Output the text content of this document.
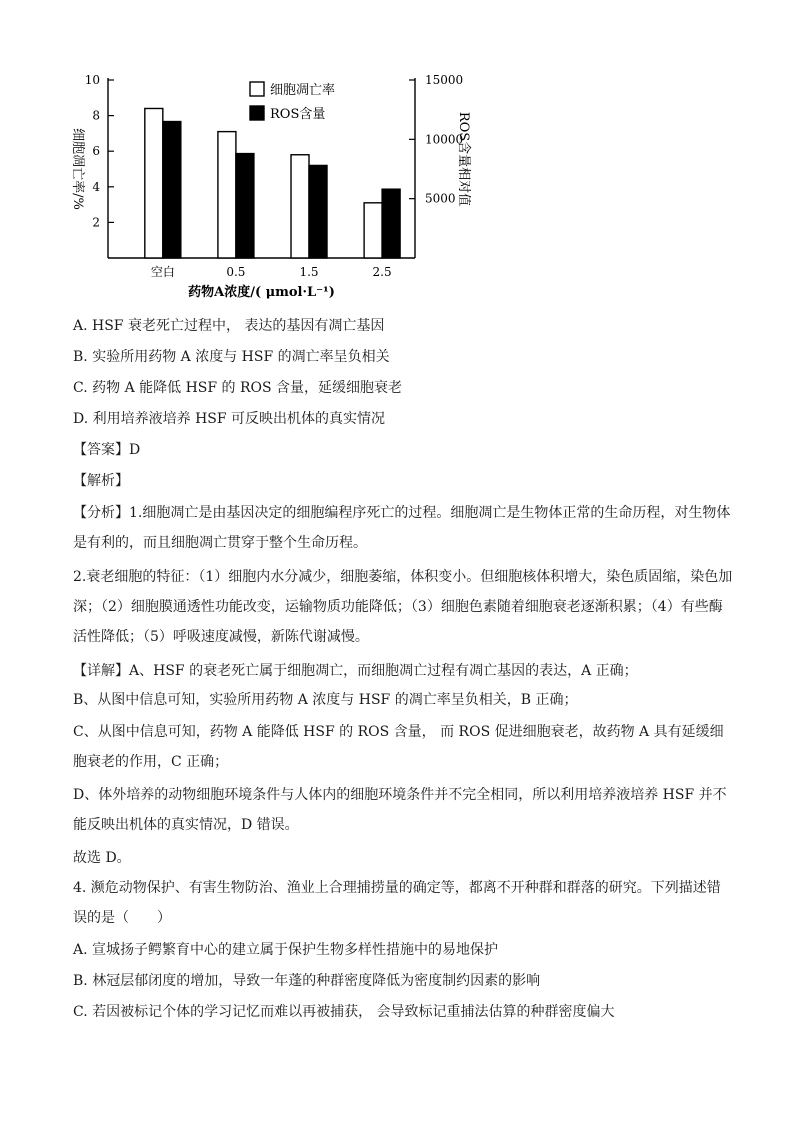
2
4
6
8
10
5000
10000
15000
空白	0.5	1.5	2.5
药物A浓度/( μmol·L⁻¹)
细胞凋亡率/%	ROS含量相对值
细胞凋亡率
ROS含量
A. HSF 衰老死亡过程中， 表达的基因有凋亡基因
B. 实验所用药物 A 浓度与 HSF 的凋亡率呈负相关
C. 药物 A 能降低 HSF 的 ROS 含量，延缓细胞衰老
D. 利用培养液培养 HSF 可反映出机体的真实情况
【答案】D
【解析】
【分析】1.细胞凋亡是由基因决定的细胞编程序死亡的过程。细胞凋亡是生物体正常的生命历程，对生物体是有利的，而且细胞凋亡贯穿于整个生命历程。
2.衰老细胞的特征：（1）细胞内水分减少，细胞萎缩，体积变小。但细胞核体积增大，染色质固缩，染色加深；（2）细胞膜通透性功能改变，运输物质功能降低；（3）细胞色素随着细胞衰老逐渐积累；（4）有些酶活性降低；（5）呼吸速度减慢，新陈代谢减慢。
【详解】A、HSF 的衰老死亡属于细胞凋亡，而细胞凋亡过程有凋亡基因的表达，A 正确；
B、从图中信息可知，实验所用药物 A 浓度与 HSF 的凋亡率呈负相关，B 正确；
C、从图中信息可知，药物 A 能降低 HSF 的 ROS 含量， 而 ROS 促进细胞衰老，故药物 A 具有延缓细胞衰老的作用，C 正确；
D、体外培养的动物细胞环境条件与人体内的细胞环境条件并不完全相同，所以利用培养液培养 HSF 并不能反映出机体的真实情况，D 错误。
故选 D。
4. 濒危动物保护、有害生物防治、渔业上合理捕捞量的确定等，都离不开种群和群落的研究。下列描述错误的是（　　）
A. 宣城扬子鳄繁育中心的建立属于保护生物多样性措施中的易地保护
B. 林冠层郁闭度的增加，导致一年蓬的种群密度降低为密度制约因素的影响
C. 若因被标记个体的学习记忆而难以再被捕获， 会导致标记重捕法估算的种群密度偏大
